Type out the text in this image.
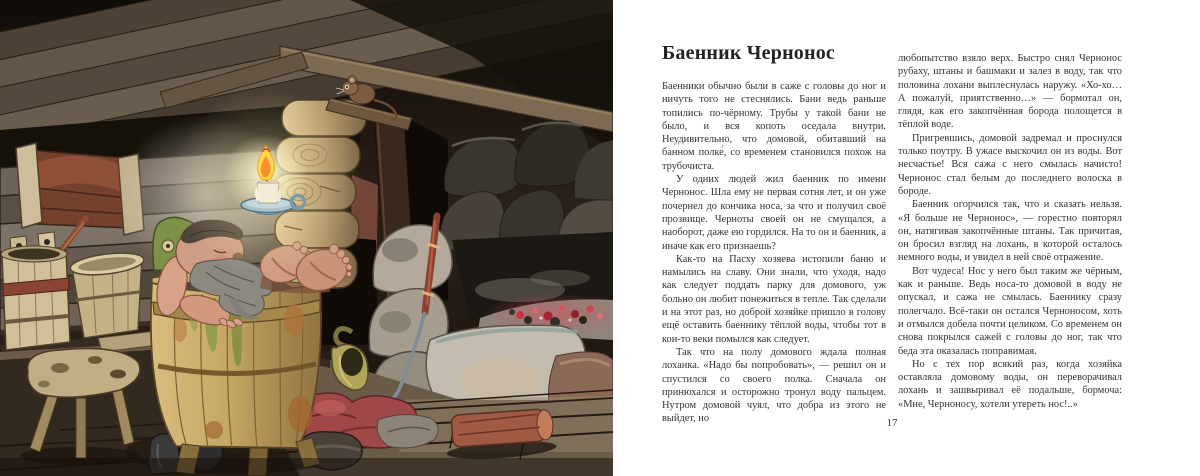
Баенник Чернонос

Баенники обычно были в саже с головы до ног и ничуть того не стеснялись. Бани ведь раньше топились по-чёрному. Трубы у такой бани не было, и вся копоть оседала внутри. Неудивительно, что домовой, обитавший на банном полке́, со временем становился похож на трубочиста.

У одних людей жил баенник по имени Чернонос. Шла ему не первая сотня лет, и он уже почернел до кончика носа, за что и получил своё прозвище. Черноты своей он не смущался, а наоборот, даже ею гордился. На то он и баенник, а иначе как его признаешь?

Как-то на Пасху хозяева истопили баню и намылись на славу. Они знали, что уходя, надо как следует поддать парку для домового, уж больно он любит понежиться в тепле. Так сделали и на этот раз, но доброй хозяйке пришло в голову ещё оставить баеннику тёплой воды, чтобы тот в кои-то веки помылся как следует.

Так что на полу домового ждала полная лоханка. «Надо бы попробовать», — решил он и спустился со своего полка. Сначала он принюхался и осторожно тронул воду пальцем. Нутром домовой чуял, что добра из этого не выйдет, но

любопытство взяло верх. Быстро снял Чернонос рубаху, штаны и башмаки и залез в воду, так что половина лохани выплеснулась наружу. «Хо-хо… А пожалуй, приятственно…» — бормотал он, глядя, как его закопчённая борода полощется в тёплой воде.

Пригревшись, домовой задремал и проснулся только поутру. В ужасе выскочил он из воды. Вот несчастье! Вся сажа с него смылась начисто! Чернонос стал белым до последнего волоска в бороде.

Баенник огорчился так, что и сказать нельзя. «Я больше не Чернонос», — горестно повторял он, натягивая закопчённые штаны. Так причитая, он бросил взгляд на лохань, в которой осталось немного воды, и увидел в ней своё отражение.

Вот чудеса! Нос у него был таким же чёрным, как и раньше. Ведь носа-то домовой в воду не опускал, и сажа не смылась. Баеннику сразу полегчало. Всё-таки он остался Черноносом, хоть и отмылся добела почти целиком. Со временем он снова покрылся сажей с головы до ног, так что беда эта оказалась поправимая.

Но с тех пор всякий раз, когда хозяйка оставляла домовому воды, он переворачивал лохань и зашвыривал её подальше, бормоча: «Мне, Черноносу, хотели утереть нос!..»

17
